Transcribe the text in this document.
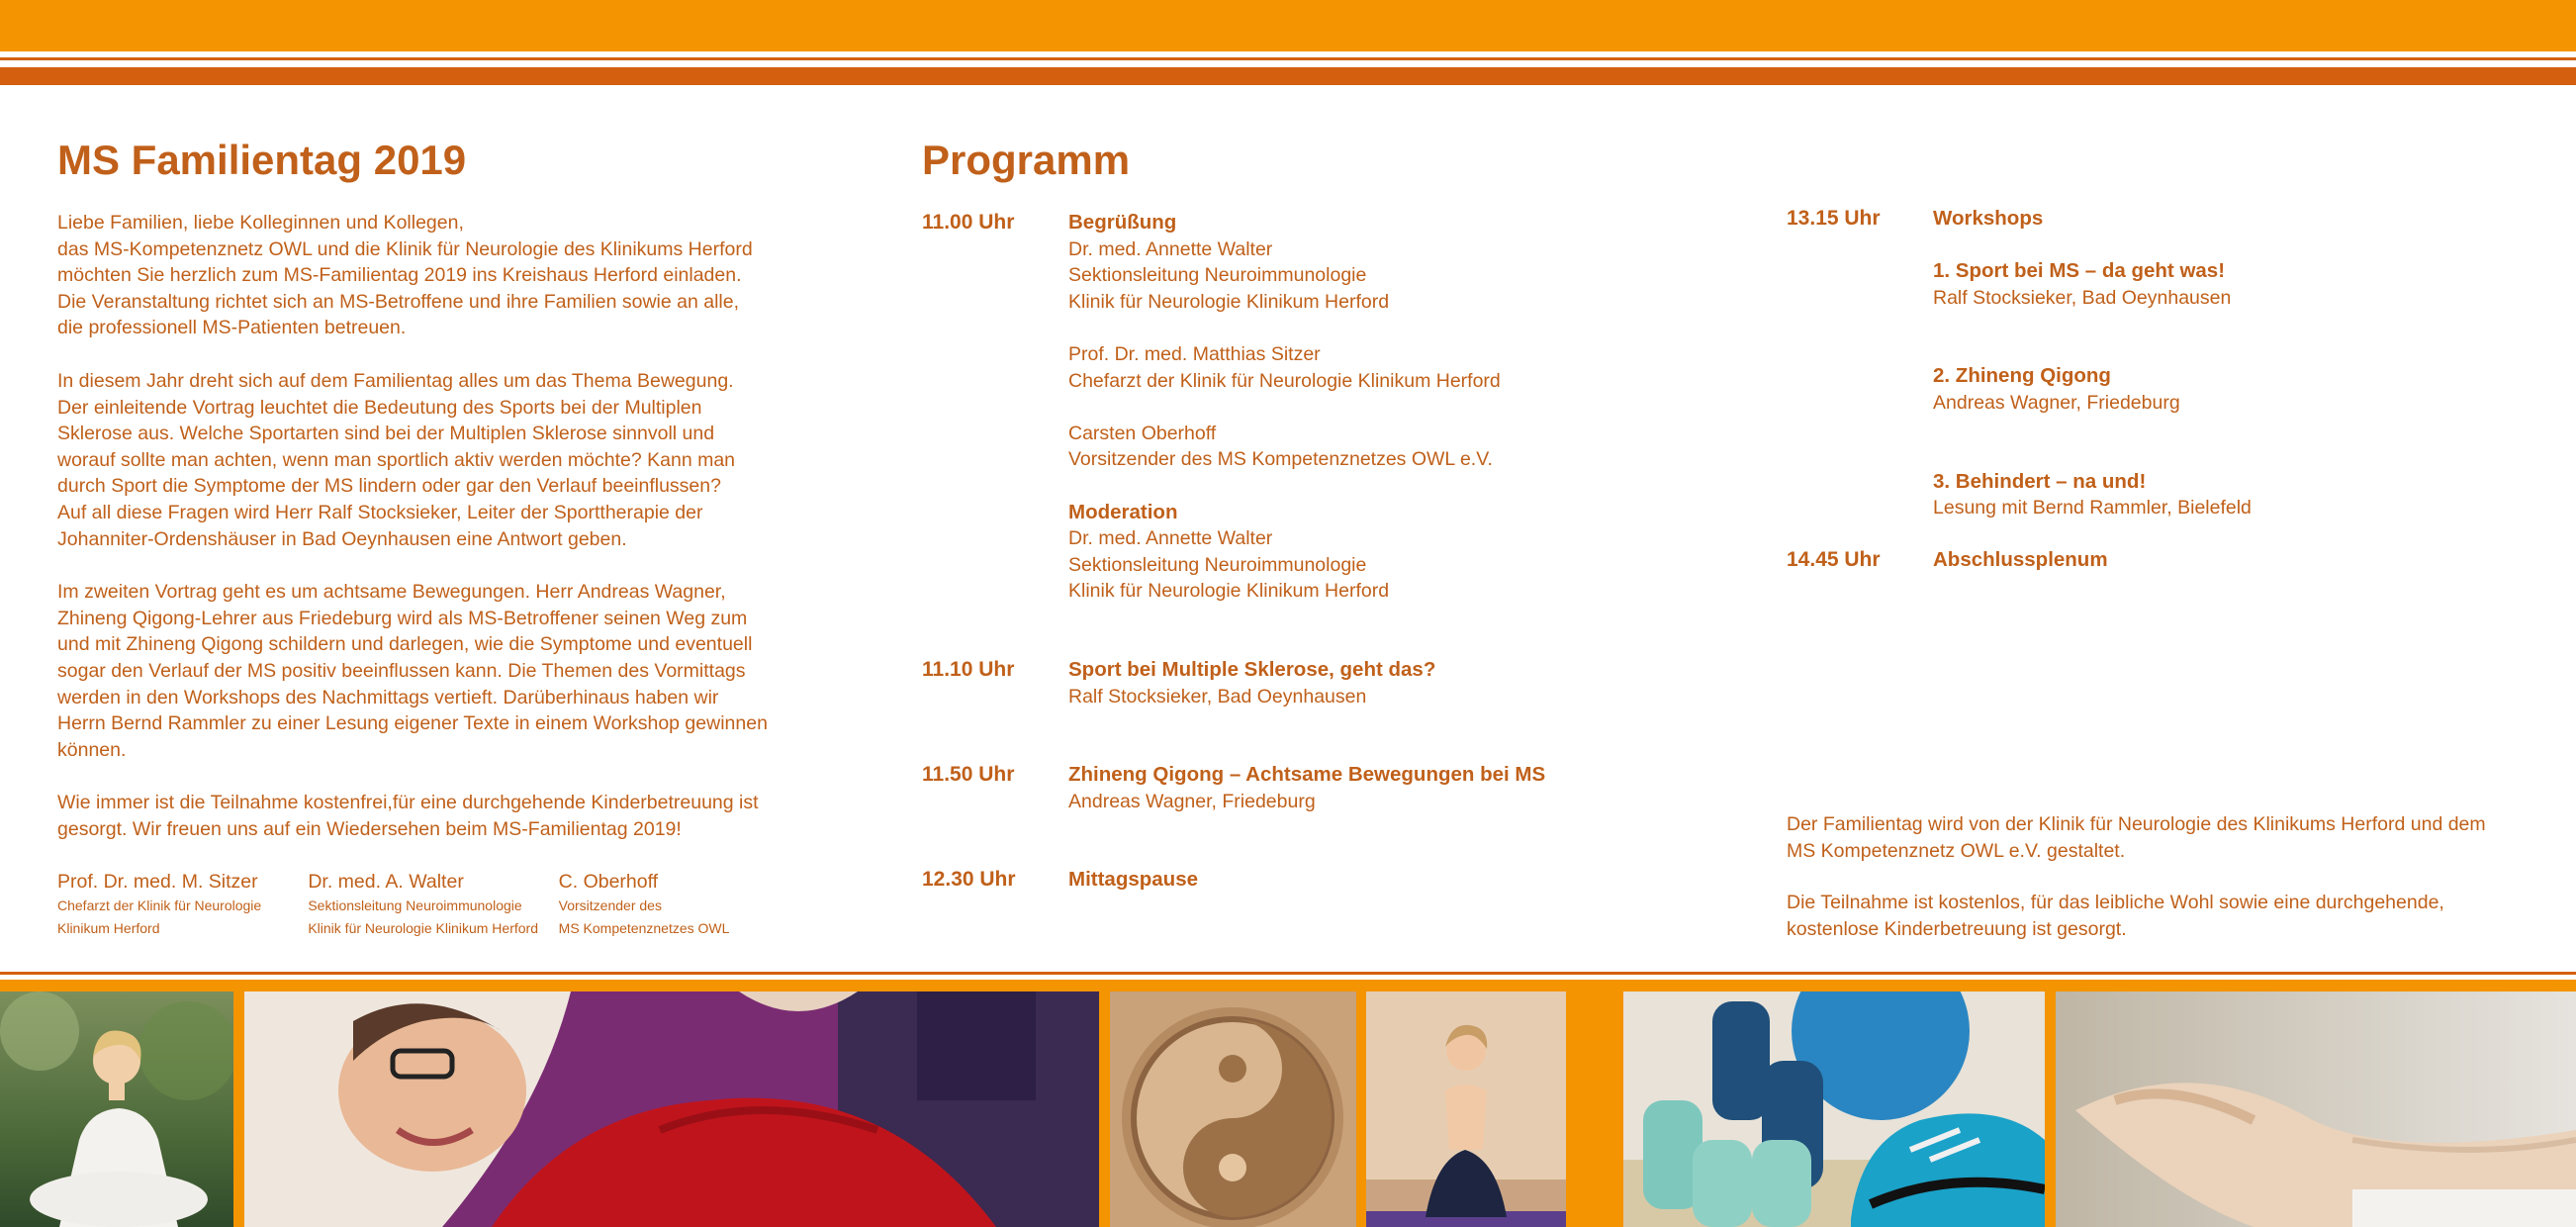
MS Familientag 2019

Liebe Familien, liebe Kolleginnen und Kollegen,
das MS-Kompetenznetz OWL und die Klinik für Neurologie des Klinikums Herford
möchten Sie herzlich zum MS-Familientag 2019 ins Kreishaus Herford einladen.
Die Veranstaltung richtet sich an MS-Betroffene und ihre Familien sowie an alle,
die professionell MS-Patienten betreuen.

In diesem Jahr dreht sich auf dem Familientag alles um das Thema Bewegung.
Der einleitende Vortrag leuchtet die Bedeutung des Sports bei der Multiplen
Sklerose aus. Welche Sportarten sind bei der Multiplen Sklerose sinnvoll und
worauf sollte man achten, wenn man sportlich aktiv werden möchte? Kann man
durch Sport die Symptome der MS lindern oder gar den Verlauf beeinflussen?
Auf all diese Fragen wird Herr Ralf Stocksieker, Leiter der Sporttherapie der
Johanniter-Ordenshäuser in Bad Oeynhausen eine Antwort geben.

Im zweiten Vortrag geht es um achtsame Bewegungen. Herr Andreas Wagner,
Zhineng Qigong-Lehrer aus Friedeburg wird als MS-Betroffener seinen Weg zum
und mit Zhineng Qigong schildern und darlegen, wie die Symptome und eventuell
sogar den Verlauf der MS positiv beeinflussen kann. Die Themen des Vormittags
werden in den Workshops des Nachmittags vertieft. Darüberhinaus haben wir
Herrn Bernd Rammler zu einer Lesung eigener Texte in einem Workshop gewinnen
können.

Wie immer ist die Teilnahme kostenfrei,für eine durchgehende Kinderbetreuung ist
gesorgt. Wir freuen uns auf ein Wiedersehen beim MS-Familientag 2019!

Prof. Dr. med. M. Sitzer
Chefarzt der Klinik für Neurologie
Klinikum Herford
Dr. med. A. Walter
Sektionsleitung Neuroimmunologie
Klinik für Neurologie Klinikum Herford
C. Oberhoff
Vorsitzender des
MS Kompetenznetzes OWL
Programm
11.00 Uhr	Begrüßung
Dr. med. Annette Walter
Sektionsleitung Neuroimmunologie
Klinik für Neurologie Klinikum Herford
Prof. Dr. med. Matthias Sitzer
Chefarzt der Klinik für Neurologie Klinikum Herford
Carsten Oberhoff
Vorsitzender des MS Kompetenznetzes OWL e.V.
Moderation
Dr. med. Annette Walter
Sektionsleitung Neuroimmunologie
Klinik für Neurologie Klinikum Herford
11.10 Uhr	Sport bei Multiple Sklerose, geht das?
Ralf Stocksieker, Bad Oeynhausen
11.50 Uhr	Zhineng Qigong – Achtsame Bewegungen bei MS
Andreas Wagner, Friedeburg
12.30 Uhr	Mittagspause
13.15 Uhr	Workshops
1. Sport bei MS – da geht was!
Ralf Stocksieker, Bad Oeynhausen
2. Zhineng Qigong
Andreas Wagner, Friedeburg
3. Behindert – na und!
Lesung mit Bernd Rammler, Bielefeld
14.45 Uhr	Abschlussplenum

Der Familientag wird von der Klinik für Neurologie des Klinikums Herford und dem
MS Kompetenznetz OWL e.V. gestaltet.

Die Teilnahme ist kostenlos, für das leibliche Wohl sowie eine durchgehende,
kostenlose Kinderbetreuung ist gesorgt.
